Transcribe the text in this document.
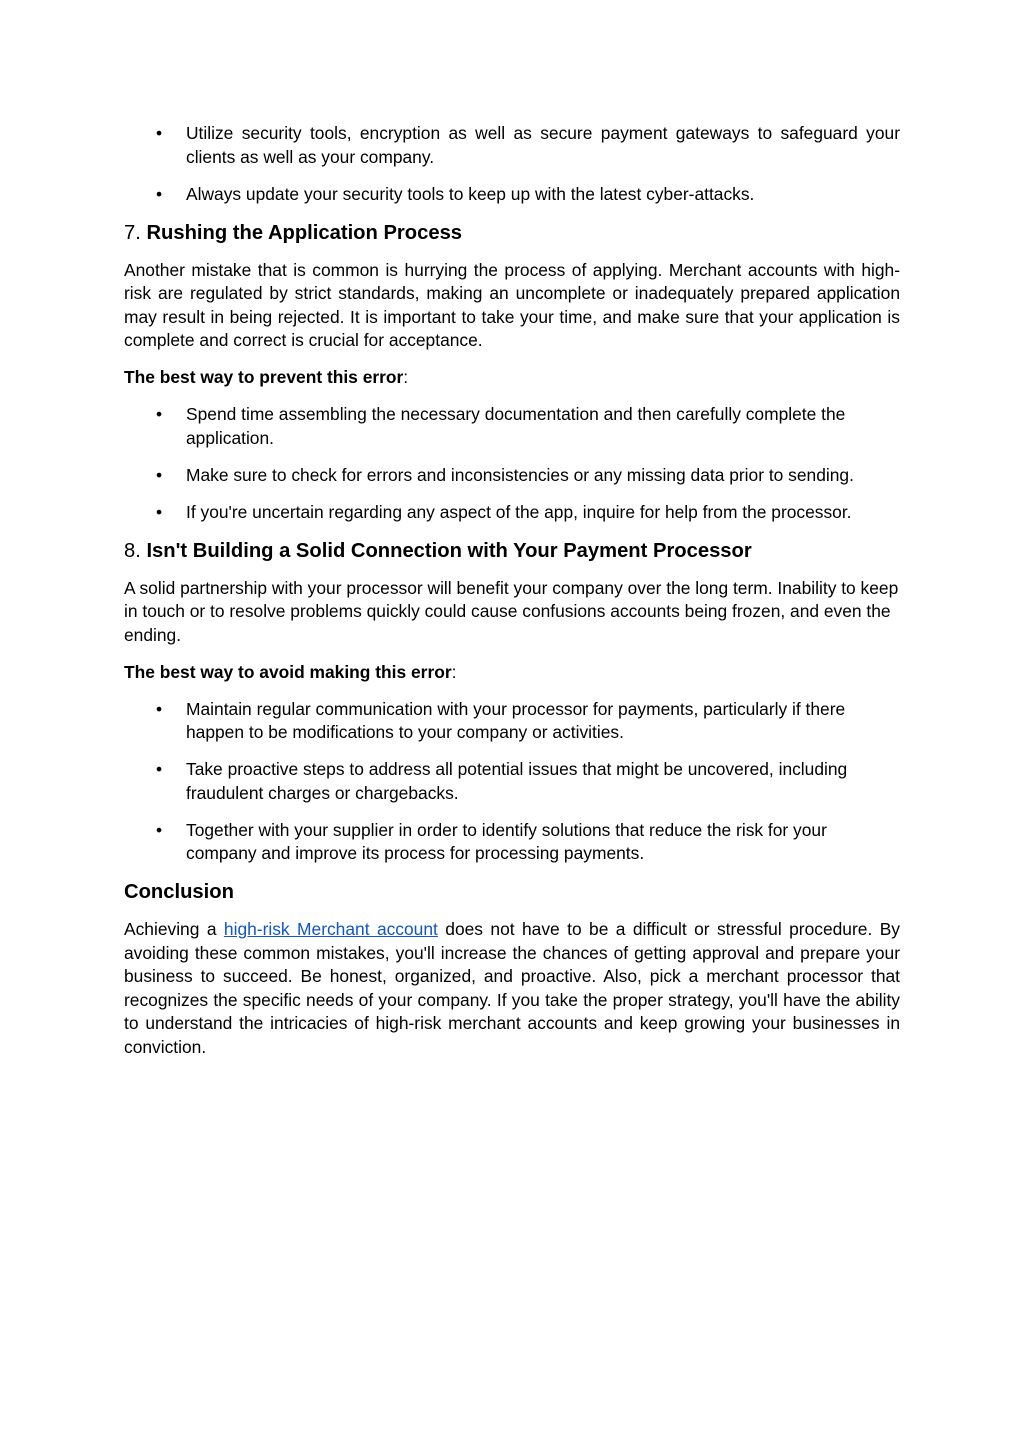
• Utilize security tools, encryption as well as secure payment gateways to safeguard your clients as well as your company.
• Always update your security tools to keep up with the latest cyber-attacks.
7. Rushing the Application Process

Another mistake that is common is hurrying the process of applying. Merchant accounts with high-risk are regulated by strict standards, making an uncomplete or inadequately prepared application may result in being rejected. It is important to take your time, and make sure that your application is complete and correct is crucial for acceptance.

The best way to prevent this error:

• Spend time assembling the necessary documentation and then carefully complete the application.
• Make sure to check for errors and inconsistencies or any missing data prior to sending.
• If you're uncertain regarding any aspect of the app, inquire for help from the processor.
8. Isn't Building a Solid Connection with Your Payment Processor

A solid partnership with your processor will benefit your company over the long term. Inability to keep in touch or to resolve problems quickly could cause confusions accounts being frozen, and even the ending.

The best way to avoid making this error:

• Maintain regular communication with your processor for payments, particularly if there happen to be modifications to your company or activities.
• Take proactive steps to address all potential issues that might be uncovered, including fraudulent charges or chargebacks.
• Together with your supplier in order to identify solutions that reduce the risk for your company and improve its process for processing payments.
Conclusion

Achieving a high-risk Merchant account does not have to be a difficult or stressful procedure. By avoiding these common mistakes, you'll increase the chances of getting approval and prepare your business to succeed. Be honest, organized, and proactive. Also, pick a merchant processor that recognizes the specific needs of your company. If you take the proper strategy, you'll have the ability to understand the intricacies of high-risk merchant accounts and keep growing your businesses in conviction.
